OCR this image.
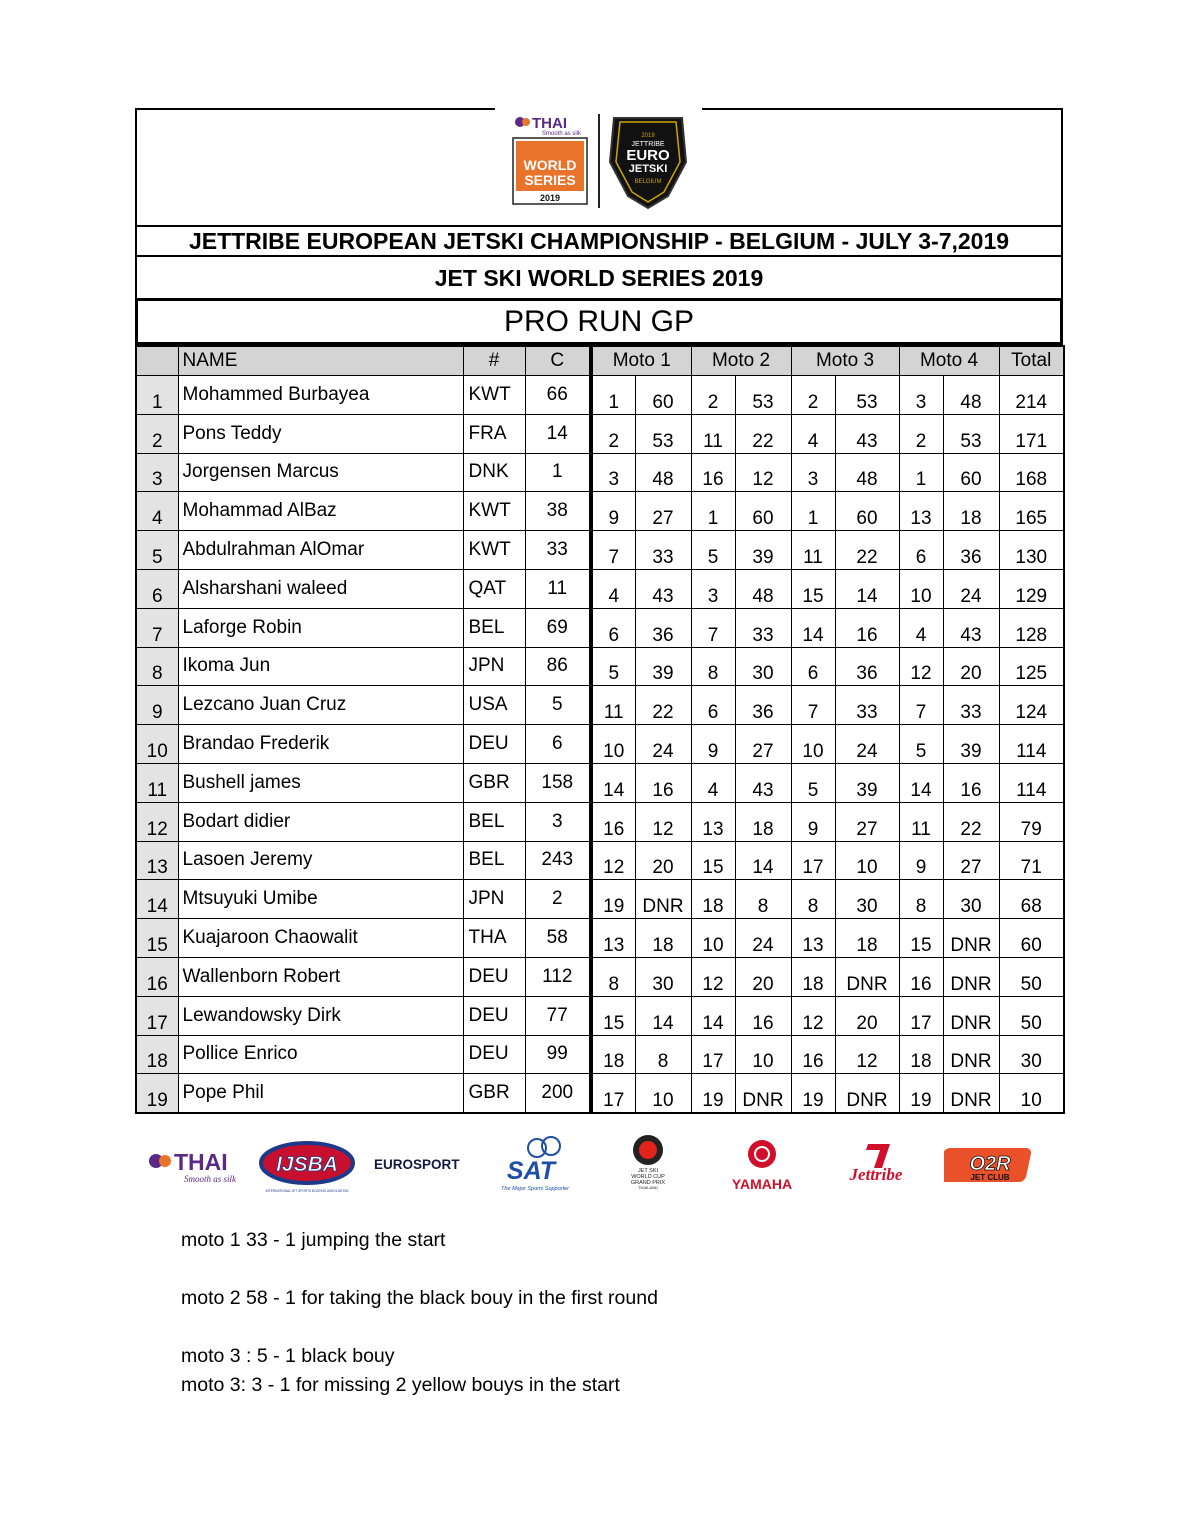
THAI
Smooth as silk
WORLD
SERIES
2019
JETTRIBE
EURO
JETSKI
BELGIUM
2019
JETTRIBE EUROPEAN JETSKI CHAMPIONSHIP - BELGIUM - JULY 3-7,2019
JET SKI WORLD SERIES 2019
PRO RUN GP
	NAME	#	C	Moto 1		Moto 2		Moto 3		Moto 4		Total
1	Mohammed Burbayea	KWT	66	1	60	2	53	2	53	3	48	214
2	Pons Teddy	FRA	14	2	53	11	22	4	43	2	53	171
3	Jorgensen Marcus	DNK	1	3	48	16	12	3	48	1	60	168
4	Mohammad AlBaz	KWT	38	9	27	1	60	1	60	13	18	165
5	Abdulrahman AlOmar	KWT	33	7	33	5	39	11	22	6	36	130
6	Alsharshani waleed	QAT	11	4	43	3	48	15	14	10	24	129
7	Laforge Robin	BEL	69	6	36	7	33	14	16	4	43	128
8	Ikoma Jun	JPN	86	5	39	8	30	6	36	12	20	125
9	Lezcano Juan Cruz	USA	5	11	22	6	36	7	33	7	33	124
10	Brandao Frederik	DEU	6	10	24	9	27	10	24	5	39	114
11	Bushell james	GBR	158	14	16	4	43	5	39	14	16	114
12	Bodart didier	BEL	3	16	12	13	18	9	27	11	22	79
13	Lasoen Jeremy	BEL	243	12	20	15	14	17	10	9	27	71
14	Mtsuyuki Umibe	JPN	2	19	DNR	18	8	8	30	8	30	68
15	Kuajaroon Chaowalit	THA	58	13	18	10	24	13	18	15	DNR	60
16	Wallenborn Robert	DEU	112	8	30	12	20	18	DNR	16	DNR	50
17	Lewandowsky Dirk	DEU	77	15	14	14	16	12	20	17	DNR	50
18	Pollice Enrico	DEU	99	18	8	17	10	16	12	18	DNR	30
19	Pope Phil	GBR	200	17	10	19	DNR	19	DNR	19	DNR	10
THAI
Smooth as silk
IJSBA
INTERNATIONAL JET SPORTS BOATING ASSOCIATION
EUROSPORT SAT
The Major Sports Supporter
JET SKI
WORLD CUP
GRAND PRIX
THAILAND	YAMAHA	Jettribe	O2R
JET CLUB
moto 1 33 - 1 jumping the start
moto 2 58 - 1 for taking the black bouy in the first round
moto 3 : 5 - 1 black bouy
moto 3: 3 - 1 for missing 2 yellow bouys in the start
